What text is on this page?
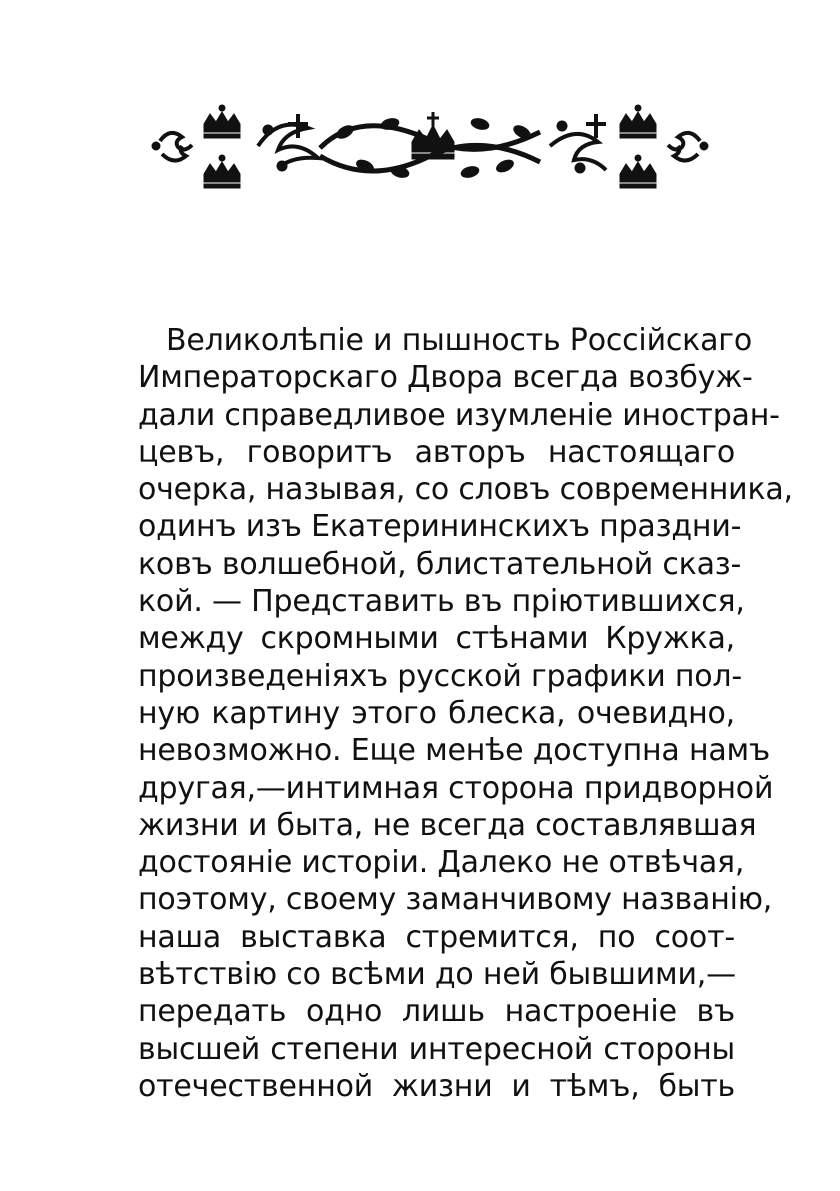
Великолѣпіе и пышность Россійскаго
Императорскаго Двора всегда возбуж-
дали справедливое изумленіе иностран-
цевъ, говоритъ авторъ настоящаго
очерка, называя, со словъ современника,
одинъ изъ Екатерининскихъ праздни-
ковъ волшебной, блистательной сказ-
кой. — Представить въ пріютившихся,
между скромными стѣнами Кружка,
произведеніяхъ русской графики пол-
ную картину этого блеска, очевидно,
невозможно. Еще менѣе доступна намъ
другая,—интимная сторона придворной
жизни и быта, не всегда составлявшая
достояніе исторіи. Далеко не отвѣчая,
поэтому, своему заманчивому названію,
наша выставка стремится, по соот-
вѣтствію со всѣми до ней бывшими,—
передать одно лишь настроеніе въ
высшей степени интересной стороны
отечественной жизни и тѣмъ, быть
